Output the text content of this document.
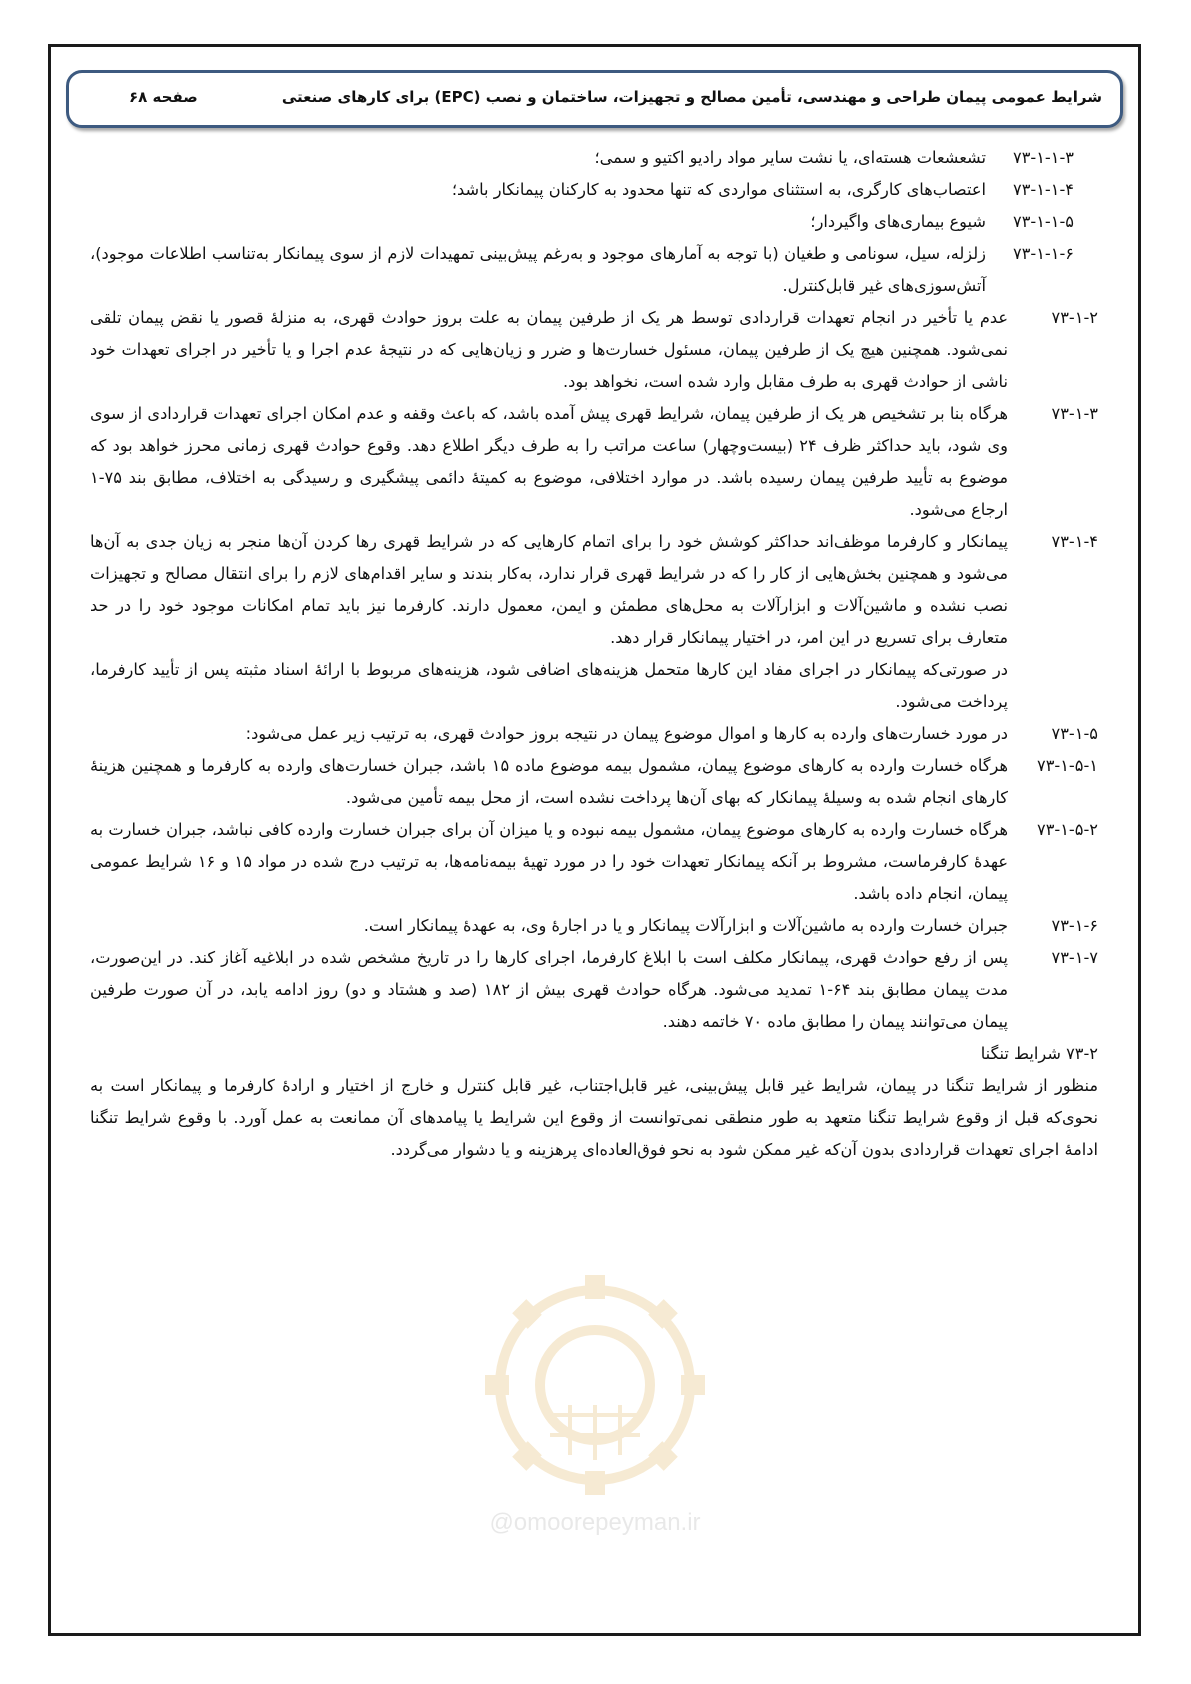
شرایط عمومی پیمان طراحی و مهندسی، تأمین مصالح و تجهیزات، ساختمان و نصب (EPC) برای کارهای صنعتی
صفحه ۶۸
@omoorepeyman.ir
۷۳-۱-۱-۳
تشعشعات هسته‌ای، یا نشت سایر مواد رادیو اکتیو و سمی؛
۷۳-۱-۱-۴
اعتصاب‌های کارگری، به استثنای مواردی که تنها محدود به کارکنان پیمانکار باشد؛
۷۳-۱-۱-۵
شیوع بیماری‌های واگیردار؛
۷۳-۱-۱-۶
زلزله، سیل، سونامی و طغیان (با توجه به آمارهای موجود و به‌رغم پیش‌بینی تمهیدات لازم از سوی پیمانکار به‌تناسب اطلاعات موجود)، آتش‌سوزی‌های غیر قابل‌کنترل.
۷۳-۱-۲
عدم یا تأخیر در انجام تعهدات قراردادی توسط هر یک از طرفین پیمان به علت بروز حوادث قهری، به منزلهٔ قصور یا نقض پیمان تلقی نمی‌شود. همچنین هیچ یک از طرفین پیمان، مسئول خسارت‌ها و ضرر و زیان‌هایی که در نتیجهٔ عدم اجرا و یا تأخیر در اجرای تعهدات خود ناشی از حوادث قهری به طرف مقابل وارد شده است، نخواهد بود.
۷۳-۱-۳
هرگاه بنا بر تشخیص هر یک از طرفین پیمان، شرایط قهری پیش آمده باشد، که باعث وقفه و عدم امکان اجرای تعهدات قراردادی از سوی وی شود، باید حداکثر ظرف ۲۴ (بیست‌وچهار) ساعت مراتب را به طرف دیگر اطلاع دهد. وقوع حوادث قهری زمانی محرز خواهد بود که موضوع به تأیید طرفین پیمان رسیده باشد. در موارد اختلافی، موضوع به کمیتهٔ دائمی پیشگیری و رسیدگی به اختلاف، مطابق بند ۷۵-۱ ارجاع می‌شود.
۷۳-۱-۴
پیمانکار و کارفرما موظف‌اند حداکثر کوشش خود را برای اتمام کارهایی که در شرایط قهری رها کردن آن‌ها منجر به زیان جدی به آن‌ها می‌شود و همچنین بخش‌هایی از کار را که در شرایط قهری قرار ندارد، به‌کار بندند و سایر اقدام‌های لازم را برای انتقال مصالح و تجهیزات نصب نشده و ماشین‌آلات و ابزارآلات به محل‌های مطمئن و ایمن، معمول دارند. کارفرما نیز باید تمام امکانات موجود خود را در حد متعارف برای تسریع در این امر، در اختیار پیمانکار قرار دهد.
در صورتی‌که پیمانکار در اجرای مفاد این کارها متحمل هزینه‌های اضافی شود، هزینه‌های مربوط با ارائهٔ اسناد مثبته پس از تأیید کارفرما، پرداخت می‌شود.
۷۳-۱-۵
در مورد خسارت‌های وارده به کارها و اموال موضوع پیمان در نتیجه بروز حوادث قهری، به ترتیب زیر عمل می‌شود:
۷۳-۱-۵-۱
هرگاه خسارت وارده به کارهای موضوع پیمان، مشمول بیمه موضوع ماده ۱۵ باشد، جبران خسارت‌های وارده به کارفرما و همچنین هزینهٔ کارهای انجام شده به وسیلهٔ پیمانکار که بهای آن‌ها پرداخت نشده است، از محل بیمه تأمین می‌شود.
۷۳-۱-۵-۲
هرگاه خسارت وارده به کارهای موضوع پیمان، مشمول بیمه نبوده و یا میزان آن برای جبران خسارت وارده کافی نباشد، جبران خسارت به عهدهٔ کارفرماست، مشروط بر آنکه پیمانکار تعهدات خود را در مورد تهیهٔ بیمه‌نامه‌ها، به ترتیب درج شده در مواد ۱۵ و ۱۶ شرایط عمومی پیمان، انجام داده باشد.
۷۳-۱-۶
جبران خسارت وارده به ماشین‌آلات و ابزارآلات پیمانکار و یا در اجارهٔ وی، به عهدهٔ پیمانکار است.
۷۳-۱-۷
پس از رفع حوادث قهری، پیمانکار مکلف است با ابلاغ کارفرما، اجرای کارها را در تاریخ مشخص شده در ابلاغیه آغاز کند. در این‌صورت، مدت پیمان مطابق بند ۶۴-۱ تمدید می‌شود. هرگاه حوادث قهری بیش از ۱۸۲ (صد و هشتاد و دو) روز ادامه یابد، در آن صورت طرفین پیمان می‌توانند پیمان را مطابق ماده ۷۰ خاتمه دهند.
۷۳-۲ شرایط تنگنا
منظور از شرایط تنگنا در پیمان، شرایط غیر قابل پیش‌بینی، غیر قابل‌اجتناب، غیر قابل کنترل و خارج از اختیار و ارادهٔ کارفرما و پیمانکار است به نحوی‌که قبل از وقوع شرایط تنگنا متعهد به طور منطقی نمی‌توانست از وقوع این شرایط یا پیامدهای آن ممانعت به عمل آورد. با وقوع شرایط تنگنا ادامهٔ اجرای تعهدات قراردادی بدون آن‌که غیر ممکن شود به نحو فوق‌العاده‌ای پرهزینه و یا دشوار می‌گردد.
